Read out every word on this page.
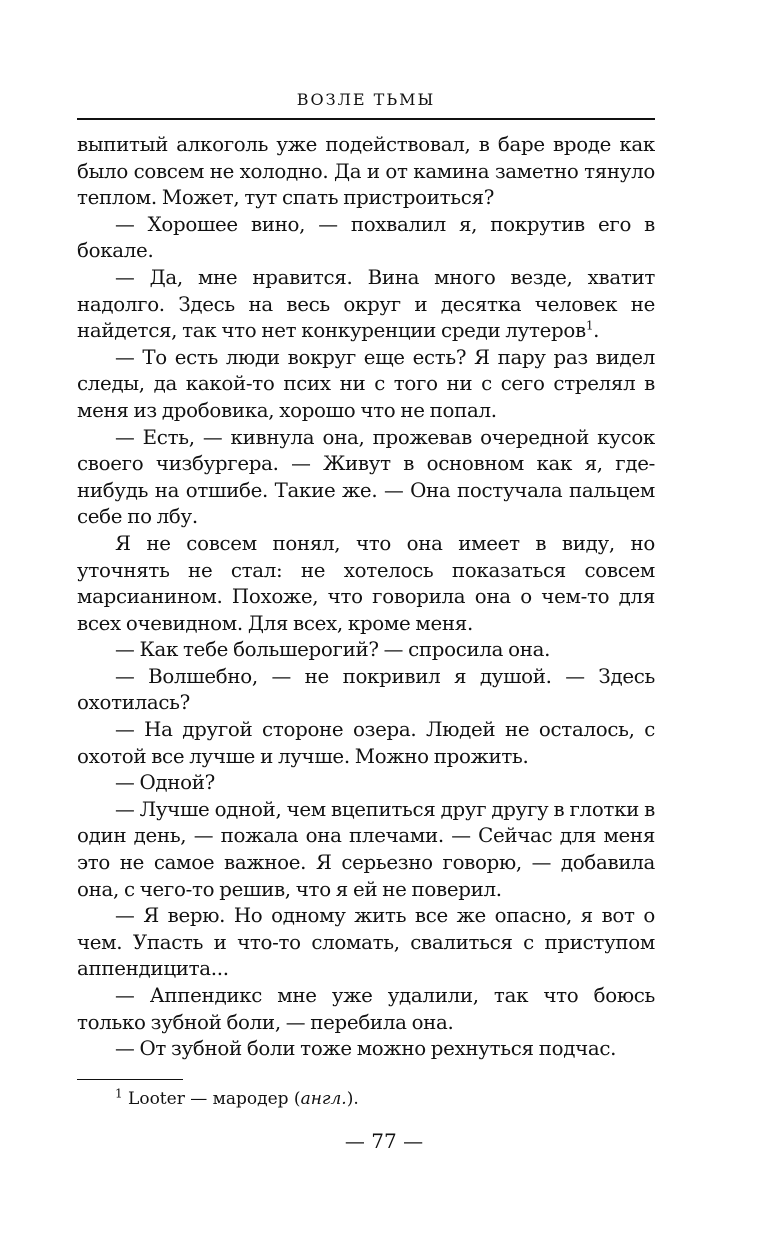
ВОЗЛЕ ТЬМЫ

выпитый алкоголь уже подействовал, в баре вроде как было совсем не холодно. Да и от камина заметно тянуло теплом. Может, тут спать пристроиться?

— Хорошее вино, — похвалил я, покрутив его в бокале.

— Да, мне нравится. Вина много везде, хватит надолго. Здесь на весь округ и десятка человек не найдется, так что нет конкуренции среди лутеров$^1$.

— То есть люди вокруг еще есть? Я пару раз видел следы, да какой-то псих ни с того ни с сего стрелял в меня из дробовика, хорошо что не попал.

— Есть, — кивнула она, прожевав очередной кусок своего чизбургера. — Живут в основном как я, где-нибудь на отшибе. Такие же. — Она постучала пальцем себе по лбу.

Я не совсем понял, что она имеет в виду, но уточнять не стал: не хотелось показаться совсем марсианином. Похоже, что говорила она о чем-то для всех очевидном. Для всех, кроме меня.

— Как тебе большерогий? — спросила она.

— Волшебно, — не покривил я душой. — Здесь охотилась?

— На другой стороне озера. Людей не осталось, с охотой все лучше и лучше. Можно прожить.

— Одной?

— Лучше одной, чем вцепиться друг другу в глотки в один день, — пожала она плечами. — Сейчас для меня это не самое важное. Я серьезно говорю, — добавила она, с чего-то решив, что я ей не поверил.

— Я верю. Но одному жить все же опасно, я вот о чем. Упасть и что-то сломать, свалиться с приступом аппендицита...

— Аппендикс мне уже удалили, так что боюсь только зубной боли, — перебила она.

— От зубной боли тоже можно рехнуться подчас.

$^1$ Looter — мародер (англ.).

— 77 —
